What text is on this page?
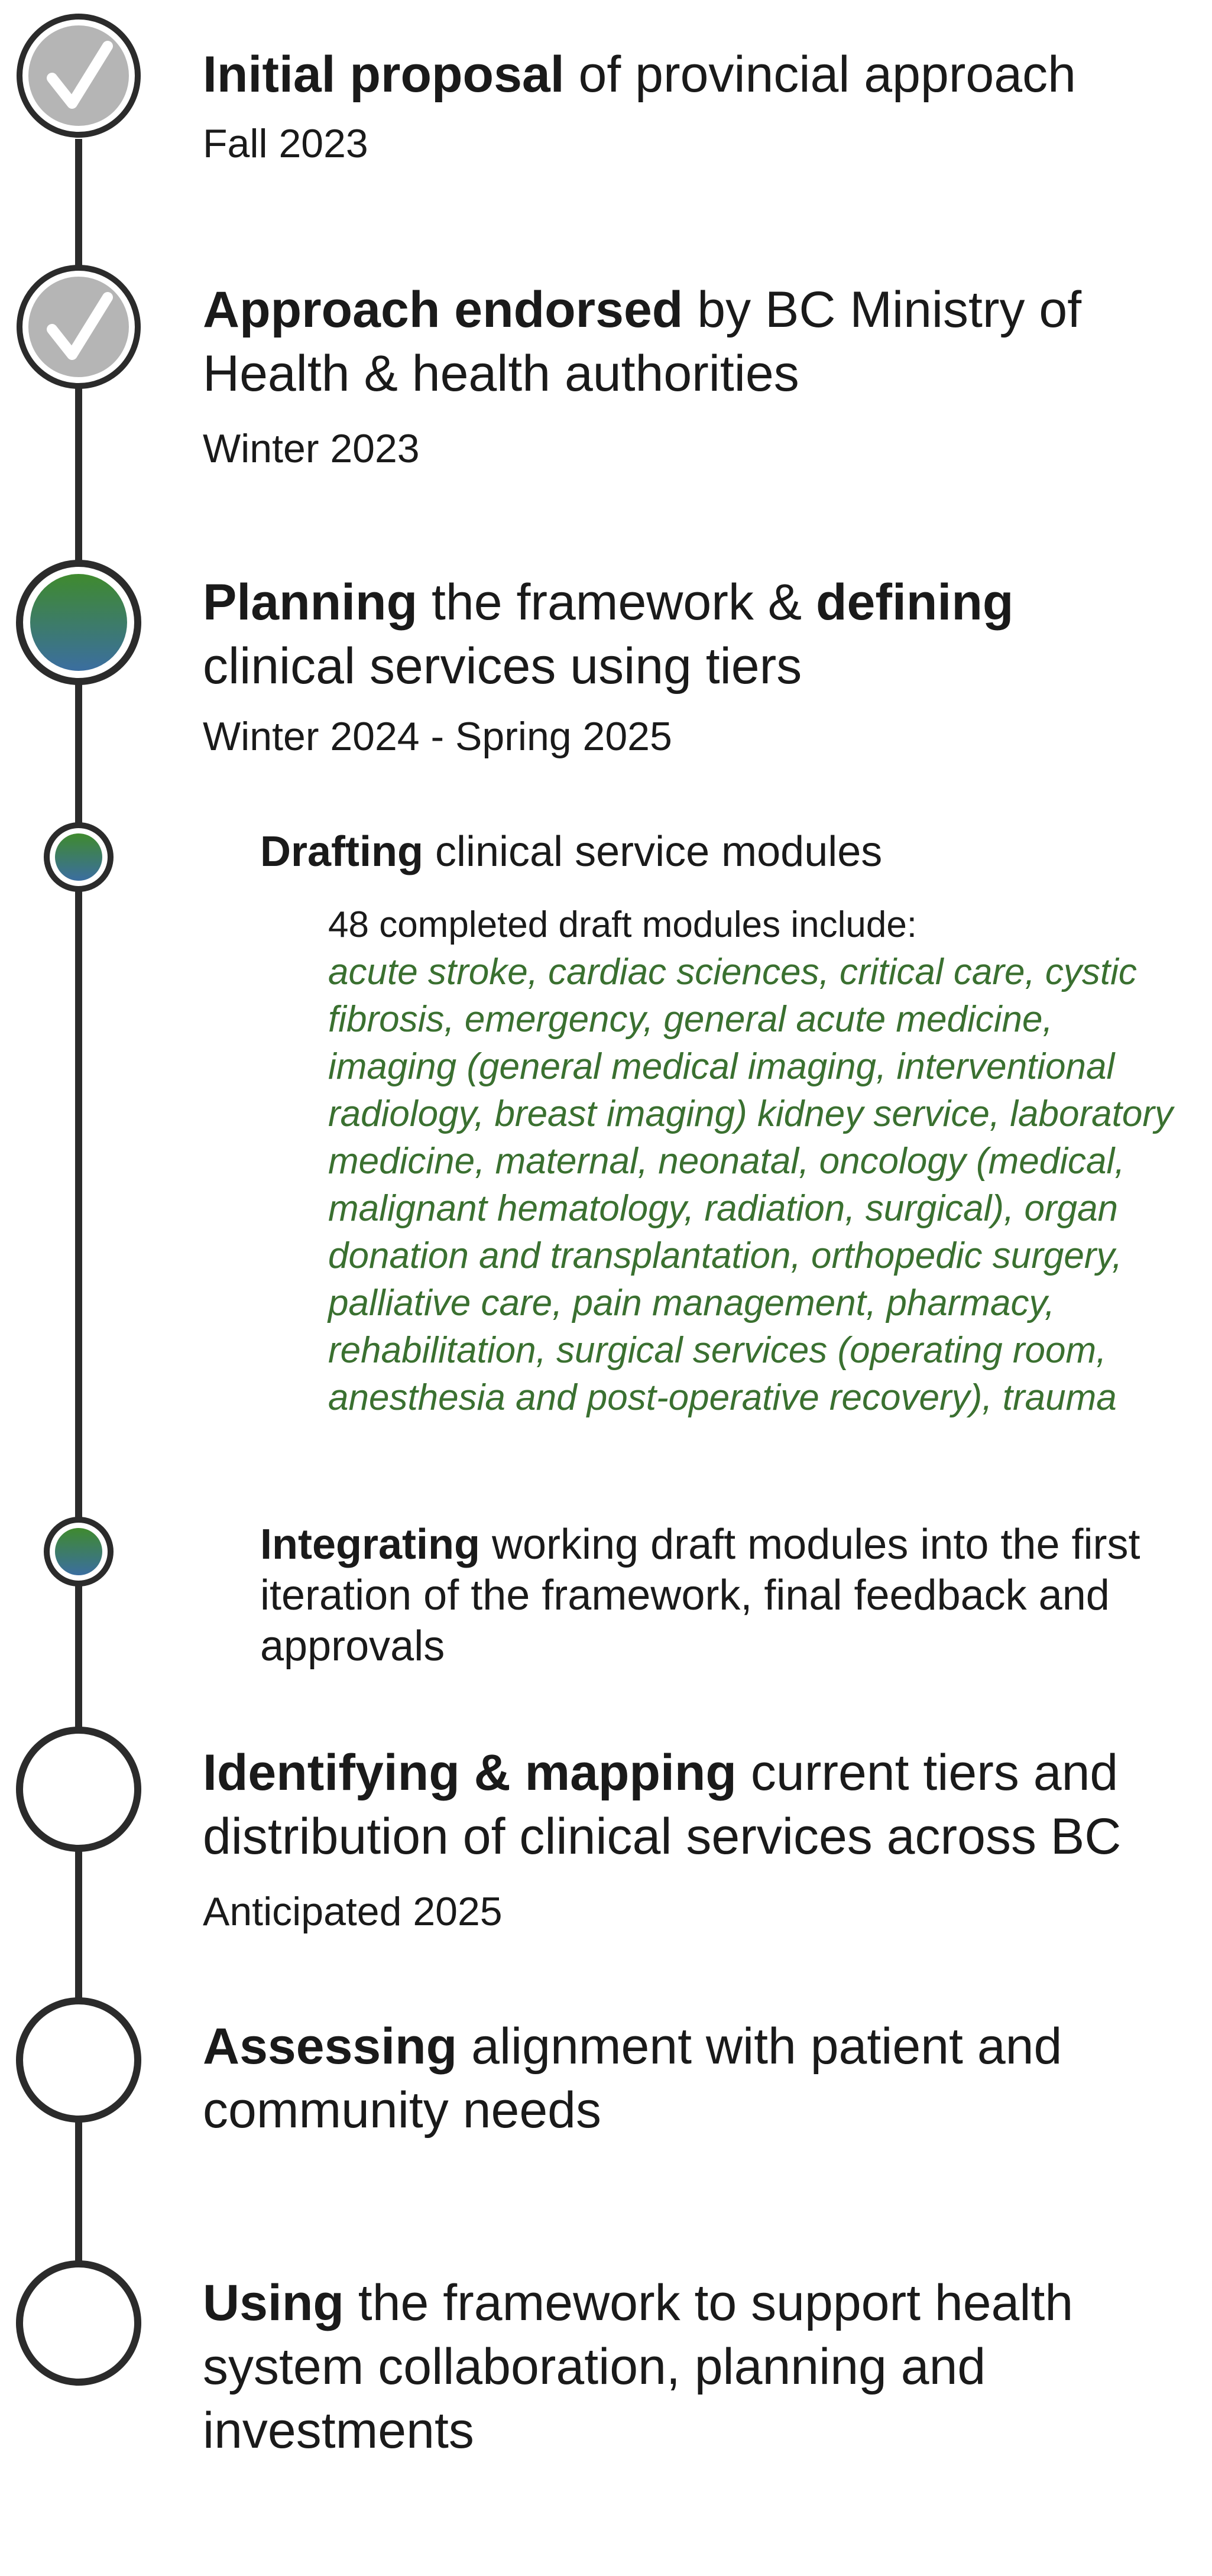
Initial proposal of provincial approach
Fall 2023
Approach endorsed by BC Ministry of Health & health authorities
Winter 2023
Planning the framework & defining clinical services using tiers
Winter 2024 - Spring 2025
Drafting clinical service modules
48 completed draft modules include:
acute stroke, cardiac sciences, critical care, cystic fibrosis, emergency, general acute medicine, imaging (general medical imaging, interventional radiology, breast imaging) kidney service, laboratory medicine, maternal, neonatal, oncology (medical, malignant hematology, radiation, surgical), organ donation and transplantation, orthopedic surgery, palliative care, pain management, pharmacy, rehabilitation, surgical services (operating room, anesthesia and post-operative recovery), trauma
Integrating working draft modules into the first iteration of the framework, final feedback and approvals
Identifying & mapping current tiers and distribution of clinical services across BC
Anticipated 2025
Assessing alignment with patient and community needs
Using the framework to support health system collaboration, planning and investments
